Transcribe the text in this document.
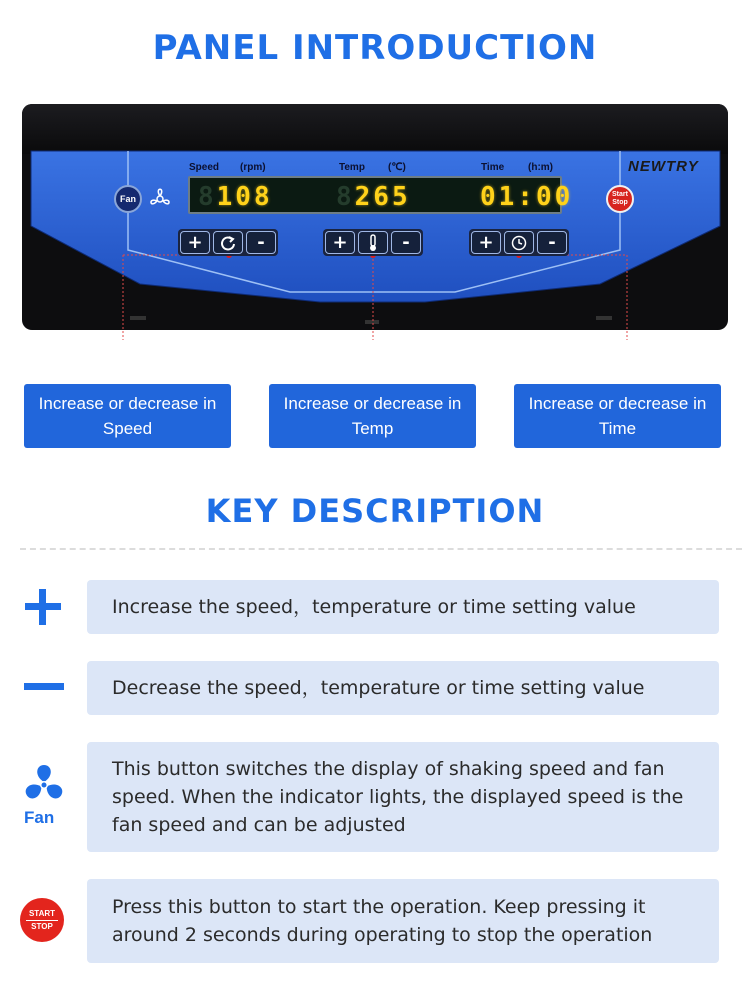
PANEL INTRODUCTION
Speed (rpm)	Temp (℃)	Time (h:m)	NEWTRY
8108 8265	01:00
Fan	Start
Stop
+	-	+	-	+	-
Increase or decrease in Speed
Increase or decrease in Temp
Increase or decrease in Time
KEY DESCRIPTION
Increase the speed，temperature or time setting value
Decrease the speed，temperature or time setting value
Fan
This button switches the display of shaking speed and fan speed. When the indicator lights, the displayed speed is the fan speed and can be adjusted
START
STOP
Press this button to start the operation. Keep pressing it around 2 seconds during operating to stop the operation
